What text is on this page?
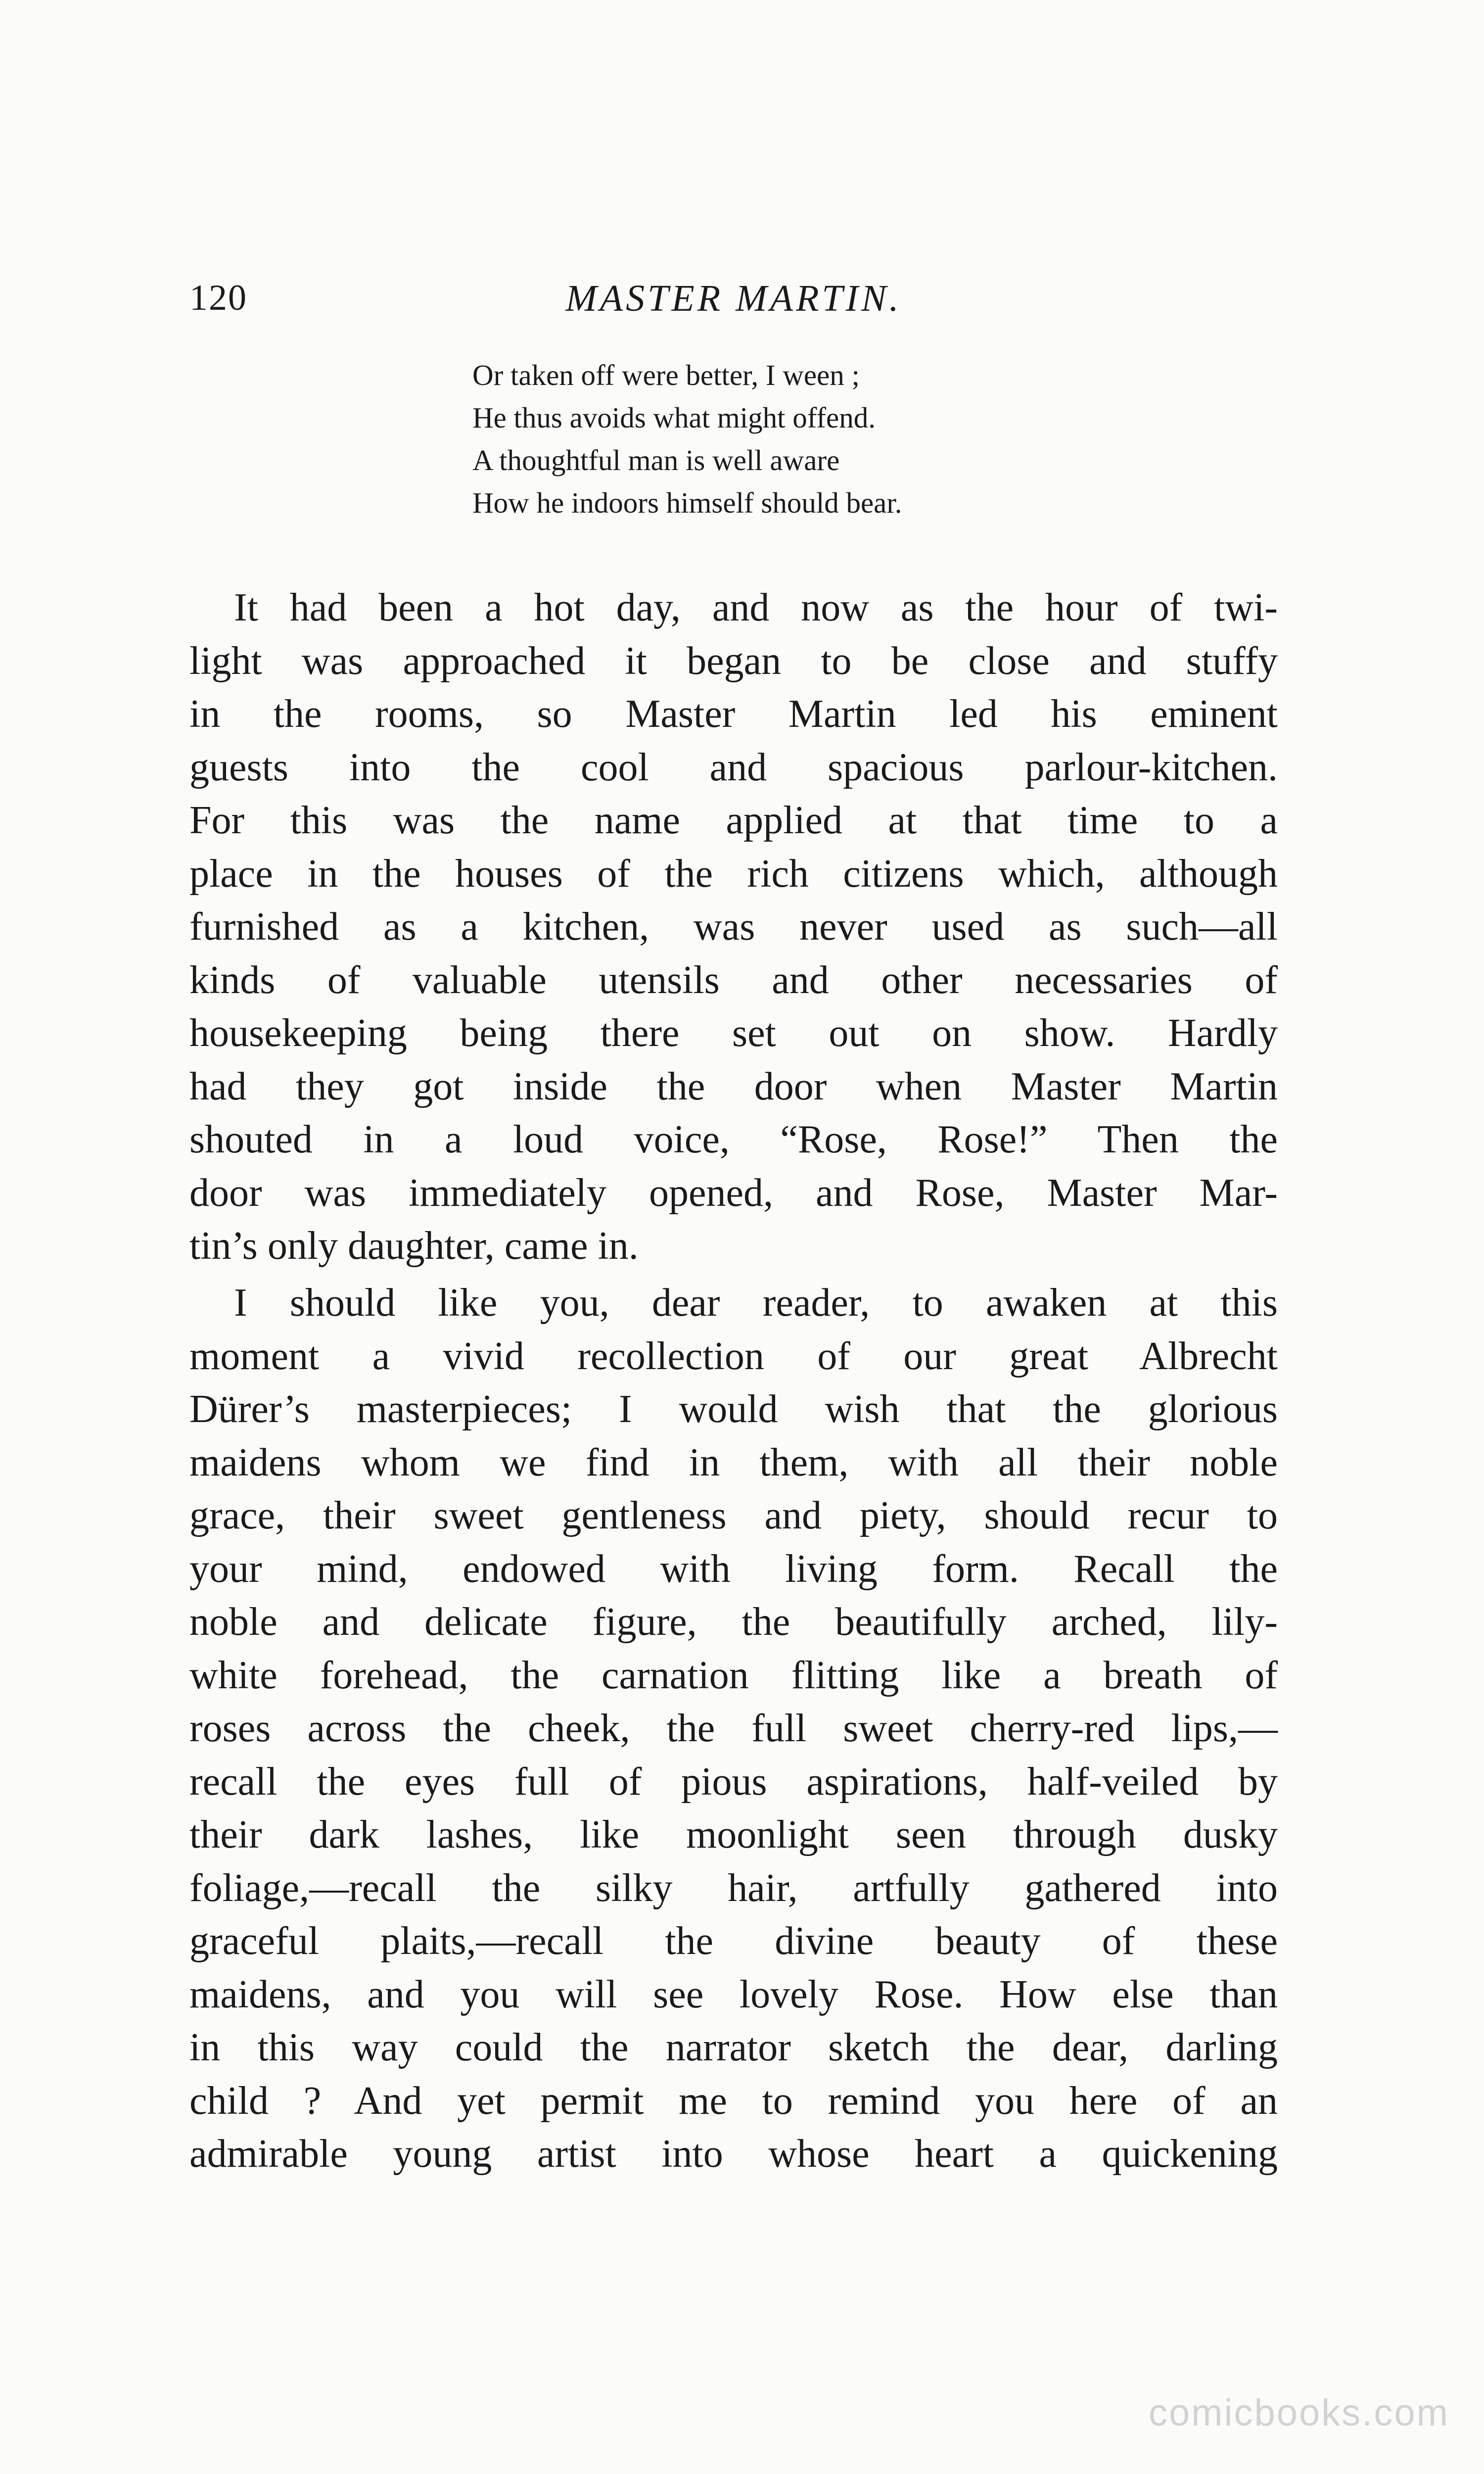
120	MASTER MARTIN.
Or taken off were better, I ween ;
He thus avoids what might offend.
A thoughtful man is well aware
How he indoors himself should bear.
It had been a hot day, and now as the hour of twi-
light was approached it began to be close and stuffy
in the rooms, so Master Martin led his eminent
guests into the cool and spacious parlour-kitchen.
For this was the name applied at that time to a
place in the houses of the rich citizens which, although
furnished as a kitchen, was never used as such—all
kinds of valuable utensils and other necessaries of
housekeeping being there set out on show. Hardly
had they got inside the door when Master Martin
shouted in a loud voice, “Rose, Rose!” Then the
door was immediately opened, and Rose, Master Mar-
tin’s only daughter, came in.
I should like you, dear reader, to awaken at this
moment a vivid recollection of our great Albrecht
Dürer’s masterpieces; I would wish that the glorious
maidens whom we find in them, with all their noble
grace, their sweet gentleness and piety, should recur to
your mind, endowed with living form. Recall the
noble and delicate figure, the beautifully arched, lily-
white forehead, the carnation flitting like a breath of
roses across the cheek, the full sweet cherry-red lips,—
recall the eyes full of pious aspirations, half-veiled by
their dark lashes, like moonlight seen through dusky
foliage,—recall the silky hair, artfully gathered into
graceful plaits,—recall the divine beauty of these
maidens, and you will see lovely Rose. How else than
in this way could the narrator sketch the dear, darling
child ? And yet permit me to remind you here of an
admirable young artist into whose heart a quickening
comicbooks.com
